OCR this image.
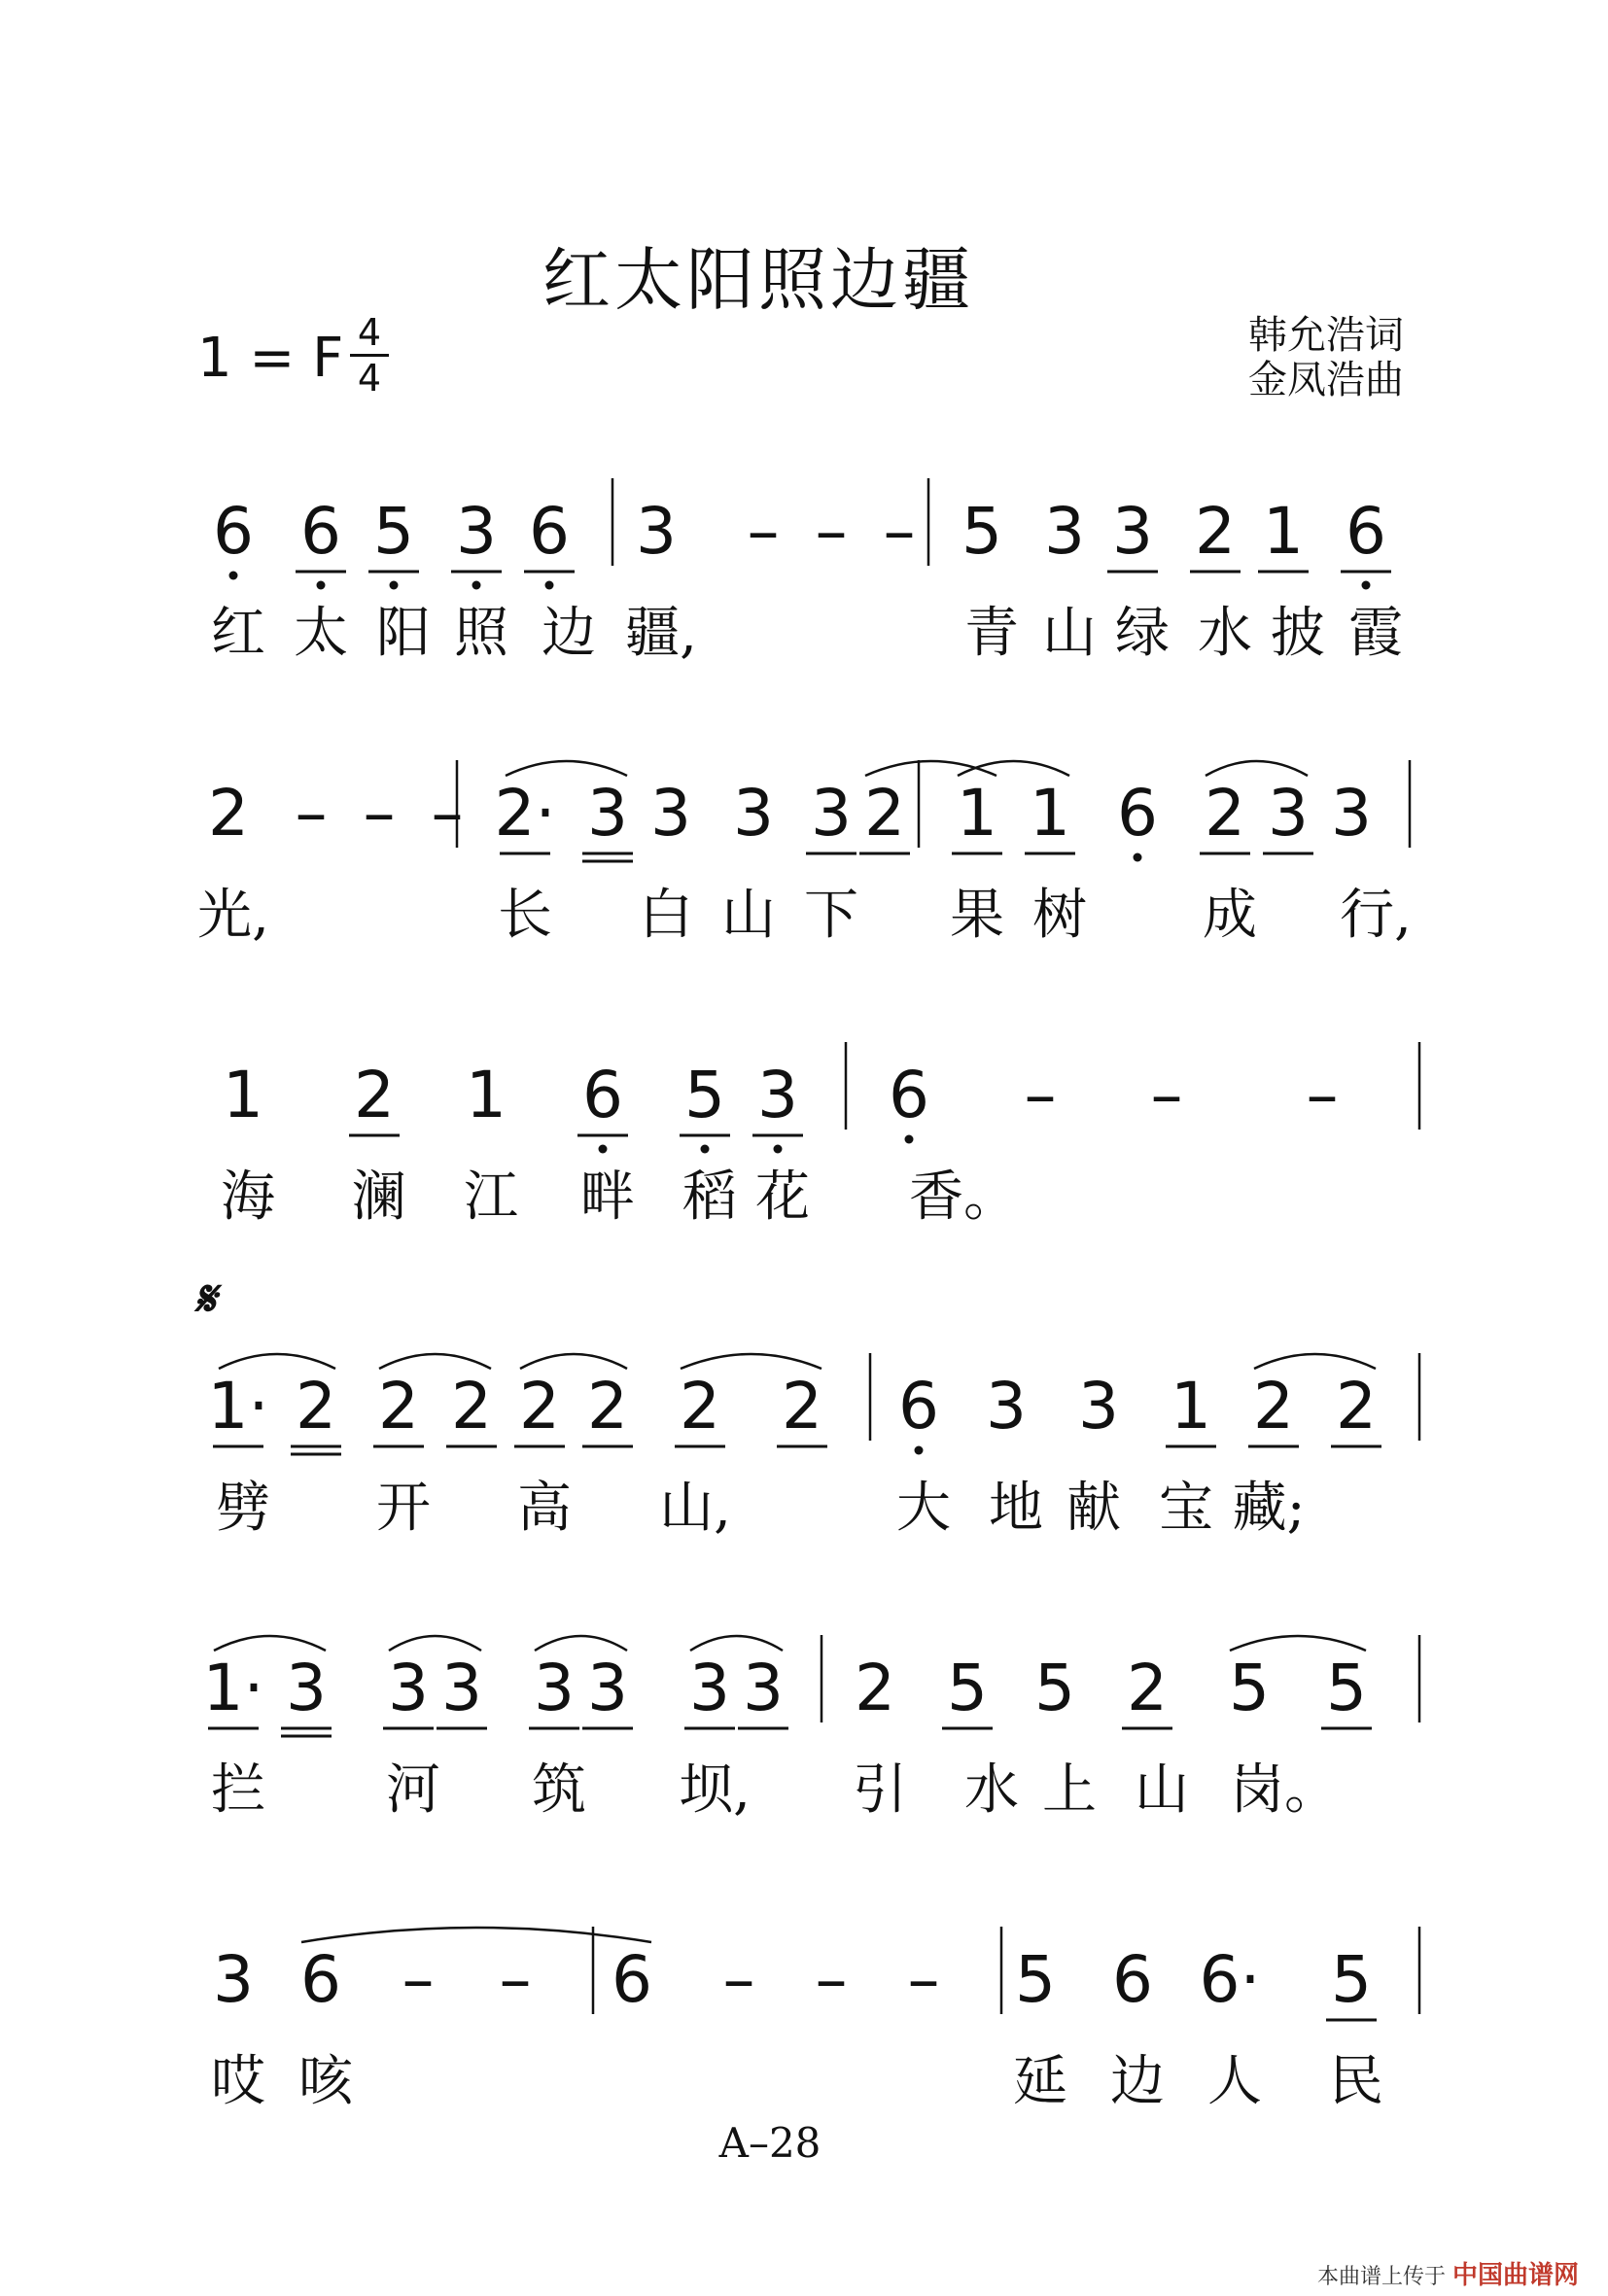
红太阳照边疆
1 = F 4
4
韩允浩词
金凤浩曲
𝄋
6 6 5 3 6 3 – – – 5 3 3 2 1 6
红 太 阳 照 边 疆,	青 山 绿 水 披 霞
2 – – – 2· 3 3 3 3 2 1 1 6 2 3 3
光,	长 白 山 下 果 树 成 行,
1 2 1 6 5 3 6 – – –
海 澜 江 畔 稻 花 香。
1· 2 2 2 2 2 2 2 6 3 3 1 2 2
劈 开 高 山,	大 地 献 宝 藏;
1· 3 3 3 3 3 3 3 2 5 5 2 5 5
拦 河 筑 坝, 引 水 上 山 岗。
3 6 – – 6 – – – 5 6 6· 5
哎 咳	延 边 人 民
A–28
本曲谱上传于 中国曲谱网
